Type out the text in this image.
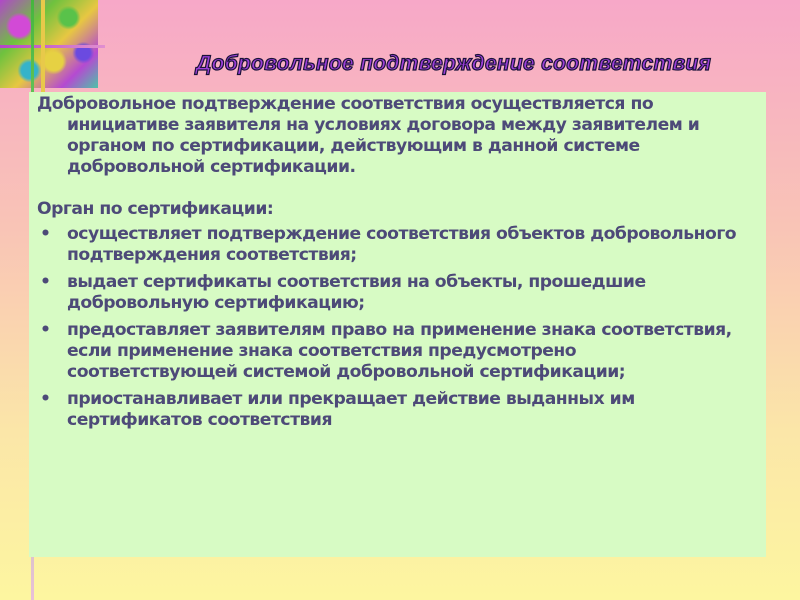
Добровольное подтверждение соответствия

Добровольное подтверждение соответствия осуществляется по инициативе заявителя на условиях договора между заявителем и органом по сертификации, действующим в данной системе добровольной сертификации.

Орган по сертификации:

• осуществляет подтверждение соответствия объектов добровольного подтверждения соответствия;
• выдает сертификаты соответствия на объекты, прошедшие добровольную сертификацию;
• предоставляет заявителям право на применение знака соответствия, если применение знака соответствия предусмотрено соответствующей системой добровольной сертификации;
• приостанавливает или прекращает действие выданных им сертификатов соответствия
